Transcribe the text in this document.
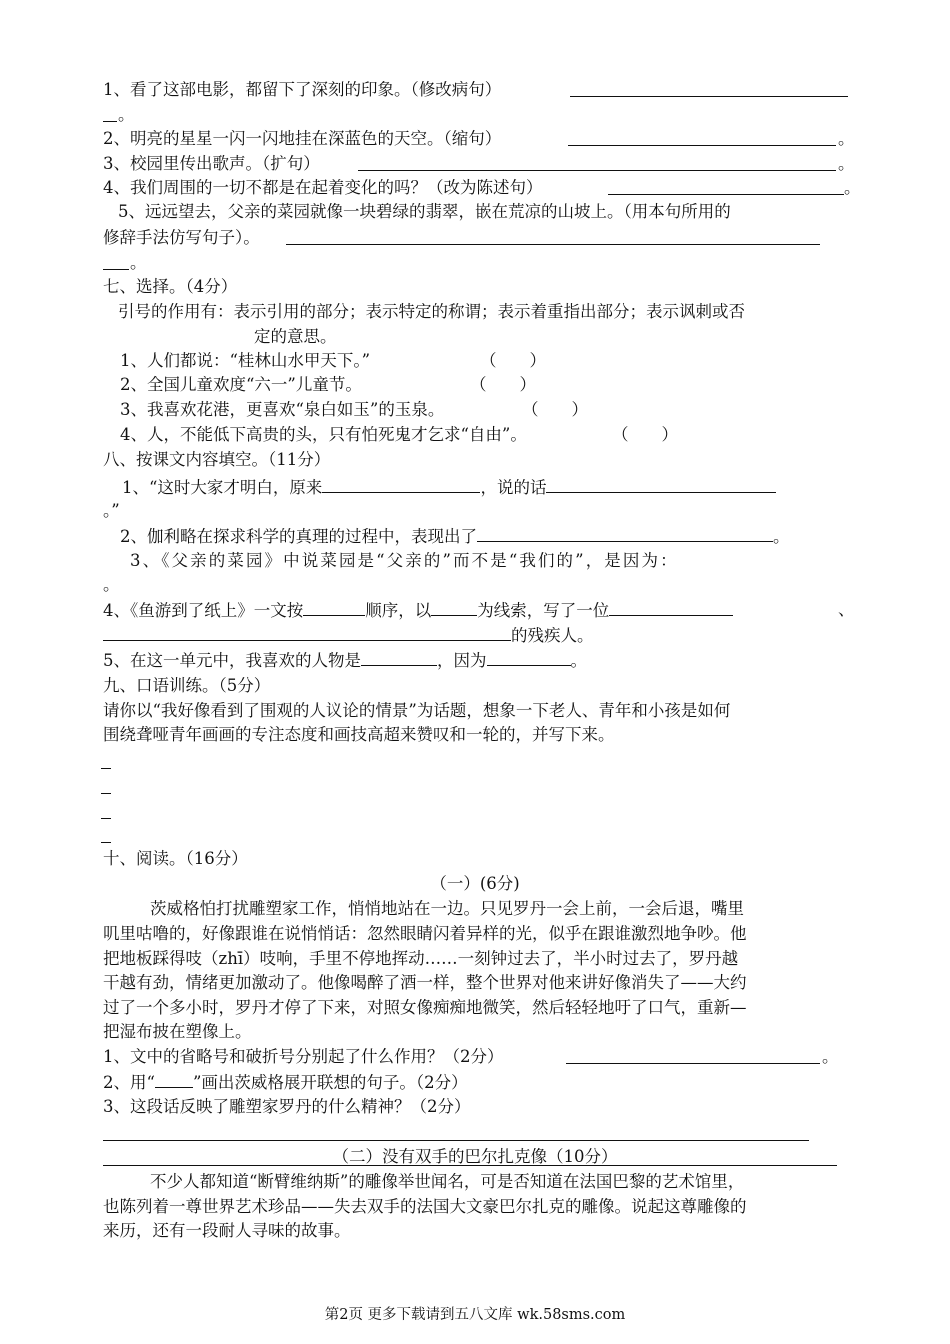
1、看了这部电影，都留下了深刻的印象。（修改病句）
。
2、明亮的星星一闪一闪地挂在深蓝色的天空。（缩句）	。
3、校园里传出歌声。（扩句）	。
4、我们周围的一切不都是在起着变化的吗？（改为陈述句）	。
5、远远望去，父亲的菜园就像一块碧绿的翡翠，嵌在荒凉的山坡上。（用本句所用的
修辞手法仿写句子）。
。
七、选择。（4分）
引号的作用有：表示引用的部分；表示特定的称谓；表示着重指出部分；表示讽刺或否
定的意思。
1、人们都说：“桂林山水甲天下。”	（　　）
2、全国儿童欢度“六一”儿童节。	（　　）
3、我喜欢花港，更喜欢“泉白如玉”的玉泉。	（　　）
4、人，不能低下高贵的头，只有怕死鬼才乞求“自由”。	（　　）
八、按课文内容填空。（11分）
1、“这时大家才明白，原来	，说的话
。”
2、伽利略在探求科学的真理的过程中，表现出了	。
3、《父亲的菜园》中说菜园是“父亲的”而不是“我们的”，是因为：
。
4、《鱼游到了纸上》一文按	顺序，以	为线索，写了一位	、
的残疾人。
5、在这一单元中，我喜欢的人物是	，因为	。
九、口语训练。（5分）
请你以“我好像看到了围观的人议论的情景”为话题，想象一下老人、青年和小孩是如何
围绕聋哑青年画画的专注态度和画技高超来赞叹和一轮的，并写下来。
十、阅读。（16分）
（一）(6分)
茨威格怕打扰雕塑家工作，悄悄地站在一边。只见罗丹一会上前，一会后退，嘴里
叽里咕噜的，好像跟谁在说悄悄话：忽然眼睛闪着异样的光，似乎在跟谁激烈地争吵。他
把地板踩得吱（zhī）吱响，手里不停地挥动……一刻钟过去了，半小时过去了，罗丹越
干越有劲，情绪更加激动了。他像喝醉了酒一样，整个世界对他来讲好像消失了——大约
过了一个多小时，罗丹才停了下来，对照女像痴痴地微笑，然后轻轻地吁了口气，重新—
把湿布披在塑像上。
1、文中的省略号和破折号分别起了什么作用？（2分）	。
2、用“ ”画出茨威格展开联想的句子。（2分）
3、这段话反映了雕塑家罗丹的什么精神？（2分）
（二）没有双手的巴尔扎克像（10分）
不少人都知道“断臂维纳斯”的雕像举世闻名，可是否知道在法国巴黎的艺术馆里，
也陈列着一尊世界艺术珍品——失去双手的法国大文豪巴尔扎克的雕像。说起这尊雕像的
来历，还有一段耐人寻味的故事。
第2页 更多下载请到五八文库 wk.58sms.com
